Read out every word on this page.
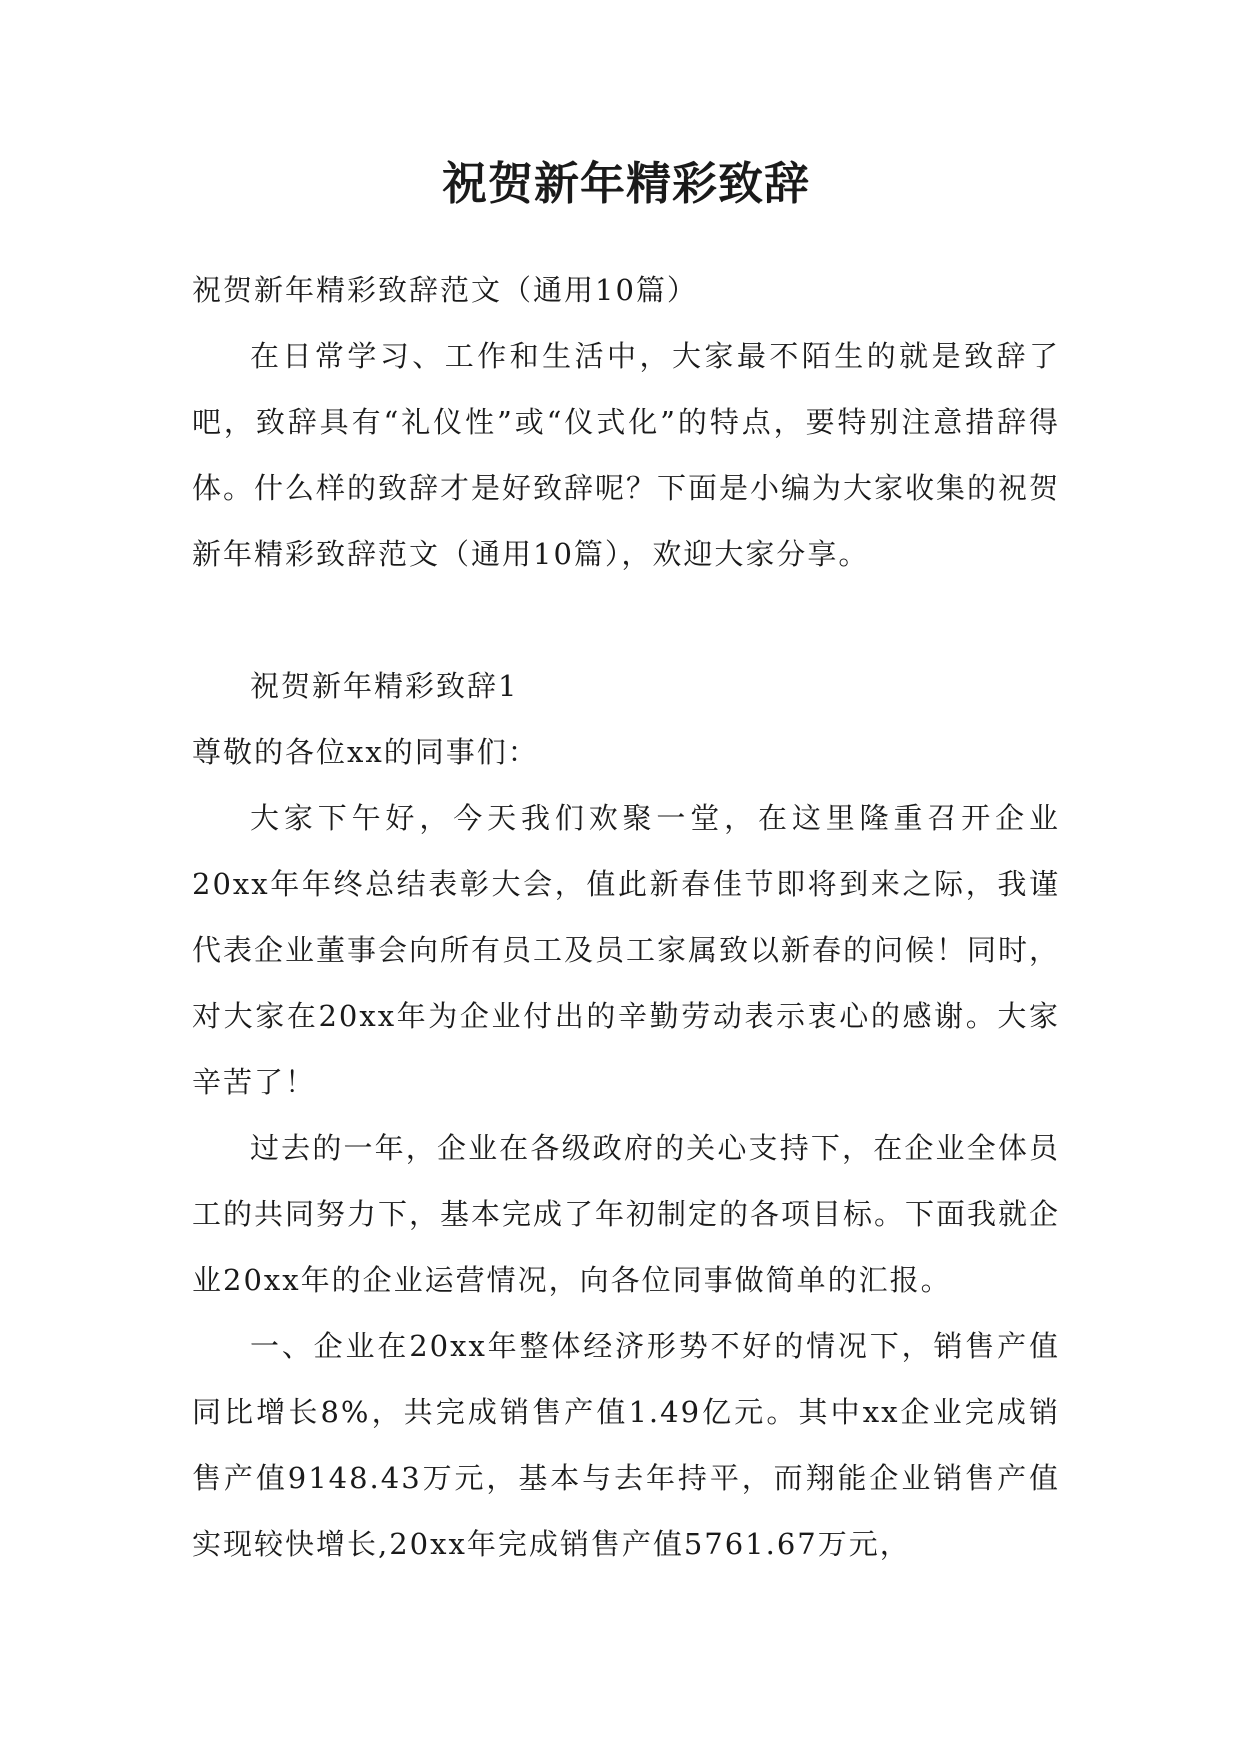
祝贺新年精彩致辞

祝贺新年精彩致辞范文（通用10篇）

在日常学习、工作和生活中，大家最不陌生的就是致辞了吧，致辞具有“礼仪性”或“仪式化”的特点，要特别注意措辞得体。什么样的致辞才是好致辞呢？下面是小编为大家收集的祝贺新年精彩致辞范文（通用10篇），欢迎大家分享。

祝贺新年精彩致辞1

尊敬的各位xx的同事们：

大家下午好，今天我们欢聚一堂，在这里隆重召开企业20xx年年终总结表彰大会，值此新春佳节即将到来之际，我谨代表企业董事会向所有员工及员工家属致以新春的问候！同时，对大家在20xx年为企业付出的辛勤劳动表示衷心的感谢。大家辛苦了！

过去的一年，企业在各级政府的关心支持下，在企业全体员工的共同努力下，基本完成了年初制定的各项目标。下面我就企业20xx年的企业运营情况，向各位同事做简单的汇报。

一、企业在20xx年整体经济形势不好的情况下，销售产值同比增长8%，共完成销售产值1.49亿元。其中xx企业完成销售产值9148.43万元，基本与去年持平，而翔能企业销售产值实现较快增长,20xx年完成销售产值5761.67万元，
